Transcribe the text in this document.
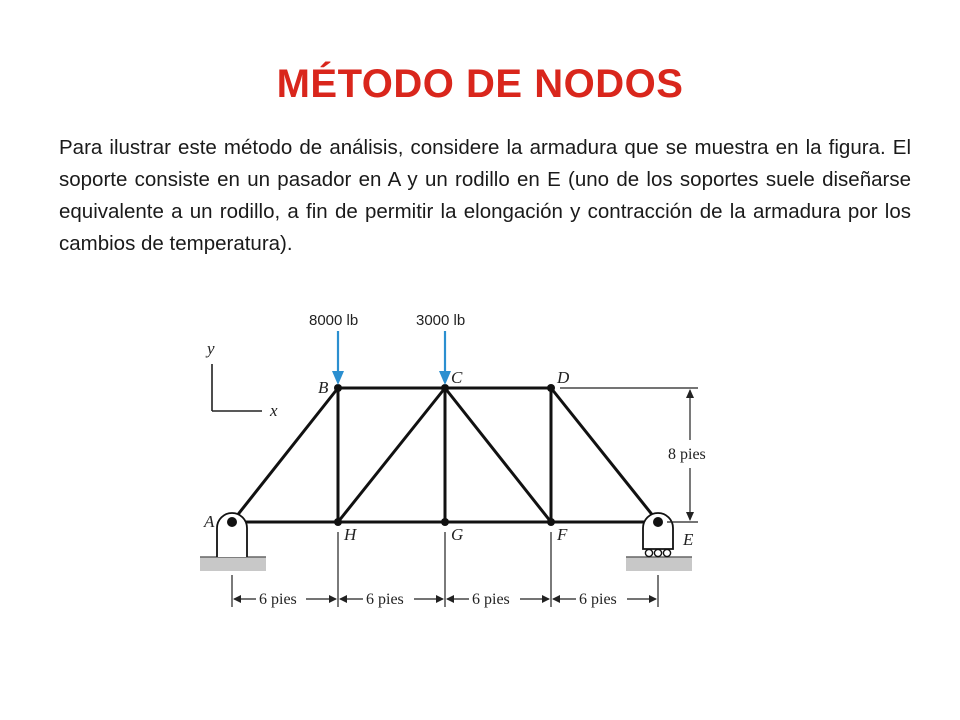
MÉTODO DE NODOS

Para ilustrar este método de análisis, considere la armadura que se muestra en la figura. El soporte consiste en un pasador en A y un rodillo en E (uno de los soportes suele diseñarse equivalente a un rodillo, a fin de permitir la elongación y contracción de la armadura por los cambios de temperatura).

y
x
A
B
C	D
E
F
G
H
8000 lb	3000 lb
8 pies
6 pies	6 pies	6 pies	6 pies
